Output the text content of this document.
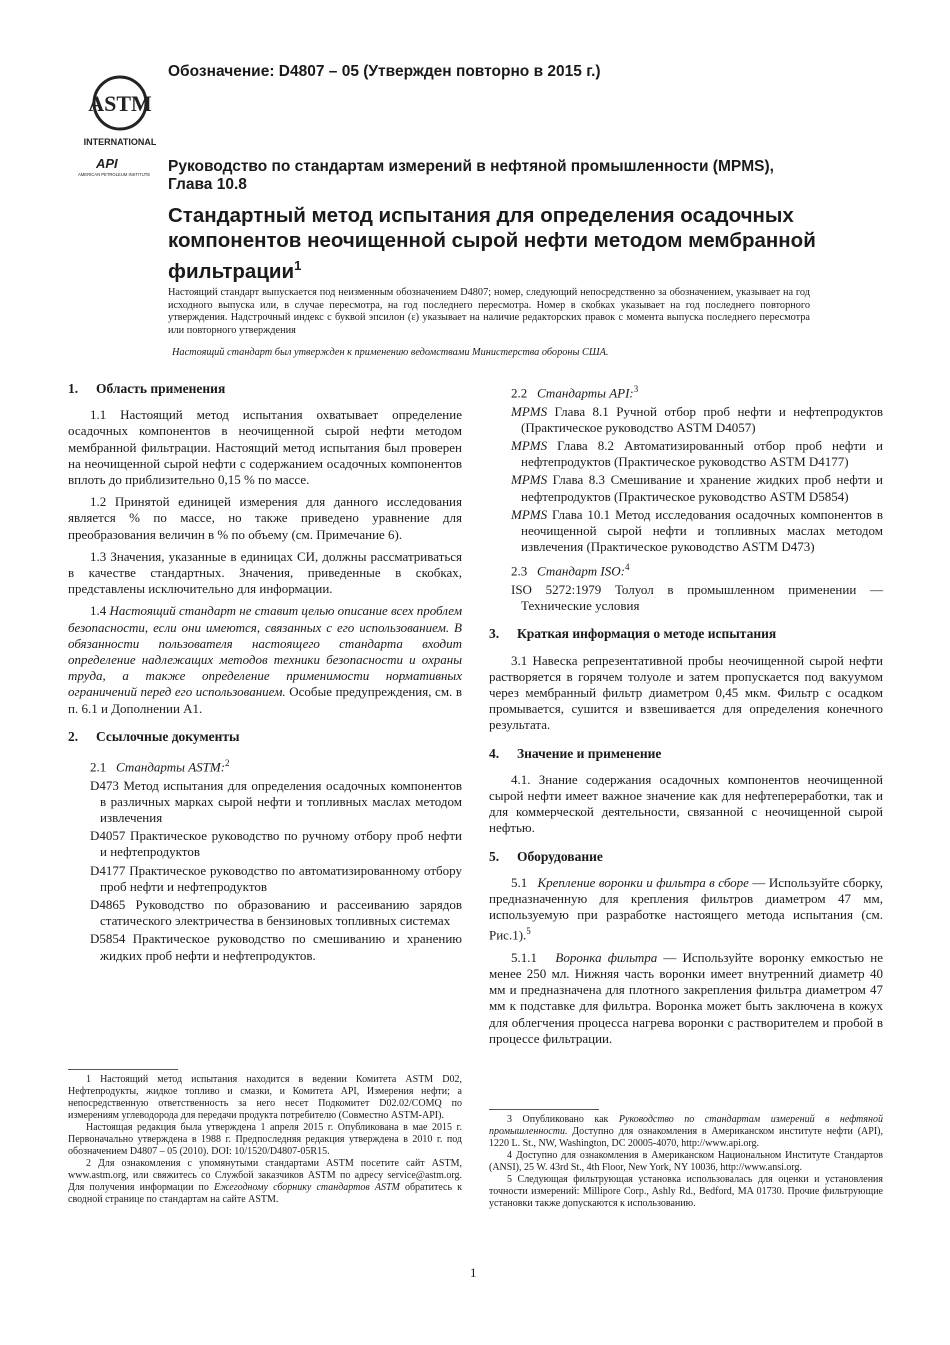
ASTM
INTERNATIONAL
API
AMERICAN PETROLEUM INSTITUTE
Обозначение: D4807 – 05 (Утвержден повторно в 2015 г.)
Руководство по стандартам измерений в нефтяной промышленности (MPMS), Глава 10.8
Стандартный метод испытания для определения осадочных компонентов неочищенной сырой нефти методом мембранной фильтрации$^1$
Настоящий стандарт выпускается под неизменным обозначением D4807; номер, следующий непосредственно за обозначением, указывает на год исходного выпуска или, в случае пересмотра, на год последнего пересмотра. Номер в скобках указывает на год последнего повторного утверждения. Надстрочный индекс с буквой эпсилон (ε) указывает на наличие редакторских правок с момента выпуска последнего пересмотра или повторного утверждения
Настоящий стандарт был утвержден к применению ведомствами Министерства обороны США.
1. Область применения

1.1 Настоящий метод испытания охватывает определение осадочных компонентов в неочищенной сырой нефти методом мембранной фильтрации. Настоящий метод испытания был проверен на неочищенной сырой нефти с содержанием осадочных компонентов вплоть до приблизительно 0,15 % по массе.

1.2 Принятой единицей измерения для данного исследования является % по массе, но также приведено уравнение для преобразования величин в % по объему (см. Примечание 6).

1.3 Значения, указанные в единицах СИ, должны рассматриваться в качестве стандартных. Значения, приведенные в скобках, представлены исключительно для информации.

1.4 Настоящий стандарт не ставит целью описание всех проблем безопасности, если они имеются, связанных с его использованием. В обязанности пользователя настоящего стандарта входит определение надлежащих методов техники безопасности и охраны труда, а также определение применимости нормативных ограничений перед его использованием. Особые предупреждения, см. в п. 6.1 и Дополнении А1.

2. Ссылочные документы

2.1 Стандарты ASTM:$^2$

D473 Метод испытания для определения осадочных компонентов в различных марках сырой нефти и топливных маслах методом извлечения

D4057 Практическое руководство по ручному отбору проб нефти и нефтепродуктов

D4177 Практическое руководство по автоматизированному отбору проб нефти и нефтепродуктов

D4865 Руководство по образованию и рассеиванию зарядов статического электричества в бензиновых топливных системах

D5854 Практическое руководство по смешиванию и хранению жидких проб нефти и нефтепродуктов.

1 Настоящий метод испытания находится в ведении Комитета ASTM D02, Нефтепродукты, жидкое топливо и смазки, и Комитета API, Измерения нефти; а непосредственную ответственность за него несет Подкомитет D02.02/COMQ по измерениям углеводорода для передачи продукта потребителю (Совместно ASTM-API).

Настоящая редакция была утверждена 1 апреля 2015 г. Опубликована в мае 2015 г. Первоначально утверждена в 1988 г. Предпоследняя редакция утверждена в 2010 г. под обозначением D4807 – 05 (2010). DOI: 10/1520/D4807-05R15.

2 Для ознакомления с упомянутыми стандартами ASTM посетите сайт ASTM, www.astm.org, или свяжитесь со Службой заказчиков ASTM по адресу service@astm.org. Для получения информации по Ежегодному сборнику стандартов ASTM обратитесь к сводной странице по стандартам на сайте ASTM.

2.2 Стандарты API:$^3$

MPMS Глава 8.1 Ручной отбор проб нефти и нефтепродуктов (Практическое руководство ASTM D4057)

MPMS Глава 8.2 Автоматизированный отбор проб нефти и нефтепродуктов (Практическое руководство ASTM D4177)

MPMS Глава 8.3 Смешивание и хранение жидких проб нефти и нефтепродуктов (Практическое руководство ASTM D5854)

MPMS Глава 10.1 Метод исследования осадочных компонентов в неочищенной сырой нефти и топливных маслах методом извлечения (Практическое руководство ASTM D473)

2.3 Стандарт ISO:$^4$

ISO 5272:1979 Толуол в промышленном применении — Технические условия

3. Краткая информация о методе испытания

3.1 Навеска репрезентативной пробы неочищенной сырой нефти растворяется в горячем толуоле и затем пропускается под вакуумом через мембранный фильтр диаметром 0,45 мкм. Фильтр с осадком промывается, сушится и взвешивается для определения конечного результата.

4. Значение и применение

4.1. Знание содержания осадочных компонентов неочищенной сырой нефти имеет важное значение как для нефтепереработки, так и для коммерческой деятельности, связанной с неочищенной сырой нефтью.

5. Оборудование

5.1 Крепление воронки и фильтра в сборе — Используйте сборку, предназначенную для крепления фильтров диаметром 47 мм, используемую при разработке настоящего метода испытания (см. Рис.1).$^5$

5.1.1 Воронка фильтра — Используйте воронку емкостью не менее 250 мл. Нижняя часть воронки имеет внутренний диаметр 40 мм и предназначена для плотного закрепления фильтра диаметром 47 мм к подставке для фильтра. Воронка может быть заключена в кожух для облегчения процесса нагрева воронки с растворителем и пробой в процессе фильтрации.

3 Опубликовано как Руководство по стандартам измерений в нефтяной промышленности. Доступно для ознакомления в Американском институте нефти (API), 1220 L. St., NW, Washington, DC 20005-4070, http://www.api.org.

4 Доступно для ознакомления в Американском Национальном Институте Стандартов (ANSI), 25 W. 43rd St., 4th Floor, New York, NY 10036, http://www.ansi.org.

5 Следующая фильтрующая установка использовалась для оценки и установления точности измерений: Millipore Corp., Ashly Rd., Bedford, MA 01730. Прочие фильтрующие установки также допускаются к использованию.

1
